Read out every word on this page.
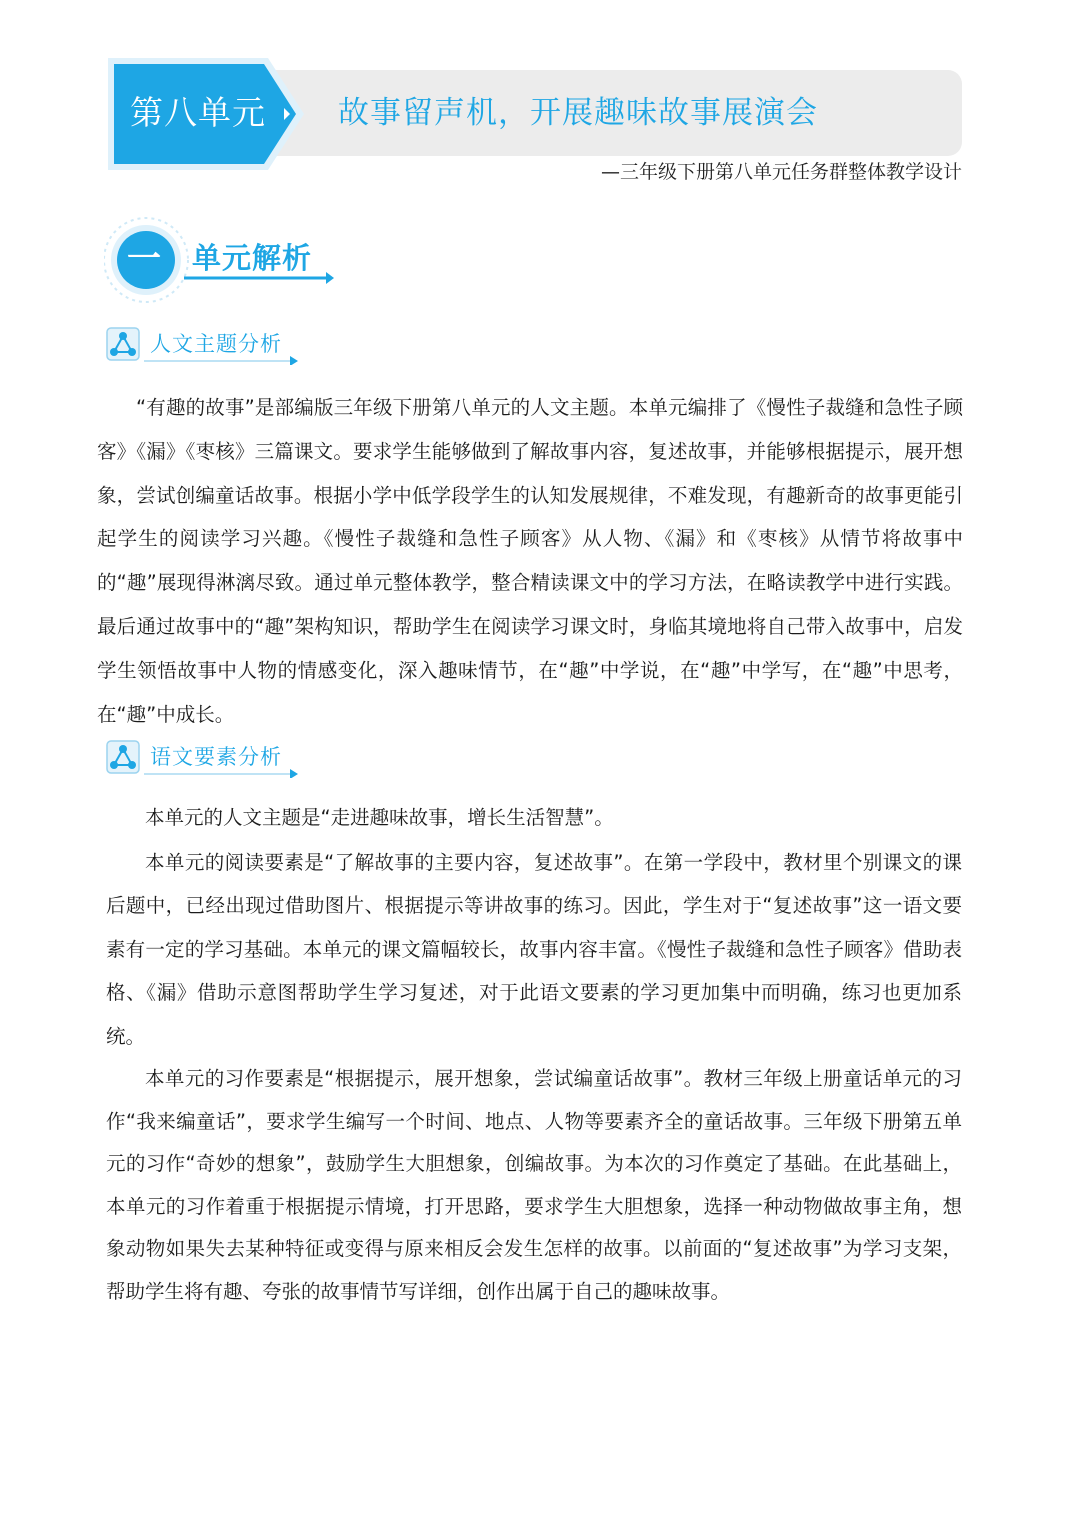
第八单元	故事留声机，开展趣味故事展演会
—三年级下册第八单元任务群整体教学设计
一	单元解析
人文主题分析

“有趣的故事”是部编版三年级下册第八单元的人文主题。本单元编排了《慢性子裁缝和急性子顾客》《漏》《枣核》三篇课文。要求学生能够做到了解故事内容，复述故事，并能够根据提示，展开想象，尝试创编童话故事。根据小学中低学段学生的认知发展规律，不难发现，有趣新奇的故事更能引起学生的阅读学习兴趣。《慢性子裁缝和急性子顾客》从人物、《漏》和《枣核》从情节将故事中的“趣”展现得淋漓尽致。通过单元整体教学，整合精读课文中的学习方法，在略读教学中进行实践。最后通过故事中的“趣”架构知识，帮助学生在阅读学习课文时，身临其境地将自己带入故事中，启发学生领悟故事中人物的情感变化，深入趣味情节，在“趣”中学说，在“趣”中学写，在“趣”中思考，在“趣”中成长。

语文要素分析

本单元的人文主题是“走进趣味故事，增长生活智慧”。

本单元的阅读要素是“了解故事的主要内容，复述故事”。在第一学段中，教材里个别课文的课后题中，已经出现过借助图片、根据提示等讲故事的练习。因此，学生对于“复述故事”这一语文要素有一定的学习基础。本单元的课文篇幅较长，故事内容丰富。《慢性子裁缝和急性子顾客》借助表格、《漏》借助示意图帮助学生学习复述，对于此语文要素的学习更加集中而明确，练习也更加系统。

本单元的习作要素是“根据提示，展开想象，尝试编童话故事”。教材三年级上册童话单元的习作“我来编童话”，要求学生编写一个时间、地点、人物等要素齐全的童话故事。三年级下册第五单元的习作“奇妙的想象”，鼓励学生大胆想象，创编故事。为本次的习作奠定了基础。在此基础上，本单元的习作着重于根据提示情境，打开思路，要求学生大胆想象，选择一种动物做故事主角，想象动物如果失去某种特征或变得与原来相反会发生怎样的故事。以前面的“复述故事”为学习支架，帮助学生将有趣、夸张的故事情节写详细，创作出属于自己的趣味故事。
